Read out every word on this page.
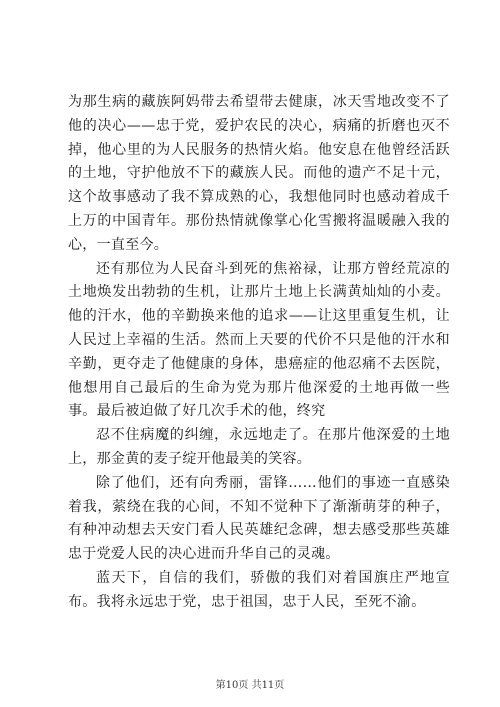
为那生病的藏族阿妈带去希望带去健康，冰天雪地改变不了他的决心——忠于党，爱护农民的决心，病痛的折磨也灭不掉，他心里的为人民服务的热情火焰。他安息在他曾经活跃的土地，守护他放不下的藏族人民。而他的遗产不足十元，这个故事感动了我不算成熟的心，我想他同时也感动着成千上万的中国青年。那份热情就像掌心化雪搬将温暖融入我的心，一直至今。

还有那位为人民奋斗到死的焦裕禄，让那方曾经荒凉的土地焕发出勃勃的生机，让那片土地上长满黄灿灿的小麦。他的汗水，他的辛勤换来他的追求——让这里重复生机，让人民过上幸福的生活。然而上天要的代价不只是他的汗水和辛勤，更夺走了他健康的身体，患癌症的他忍痛不去医院，他想用自己最后的生命为党为那片他深爱的土地再做一些事。最后被迫做了好几次手术的他，终究

忍不住病魔的纠缠，永远地走了。在那片他深爱的土地上，那金黄的麦子绽开他最美的笑容。

除了他们，还有向秀丽，雷锋……他们的事迹一直感染着我，萦绕在我的心间，不知不觉种下了渐渐萌芽的种子，有种冲动想去天安门看人民英雄纪念碑，想去感受那些英雄忠于党爱人民的决心进而升华自己的灵魂。

蓝天下，自信的我们，骄傲的我们对着国旗庄严地宣布。我将永远忠于党，忠于祖国，忠于人民，至死不渝。

第10页 共11页
